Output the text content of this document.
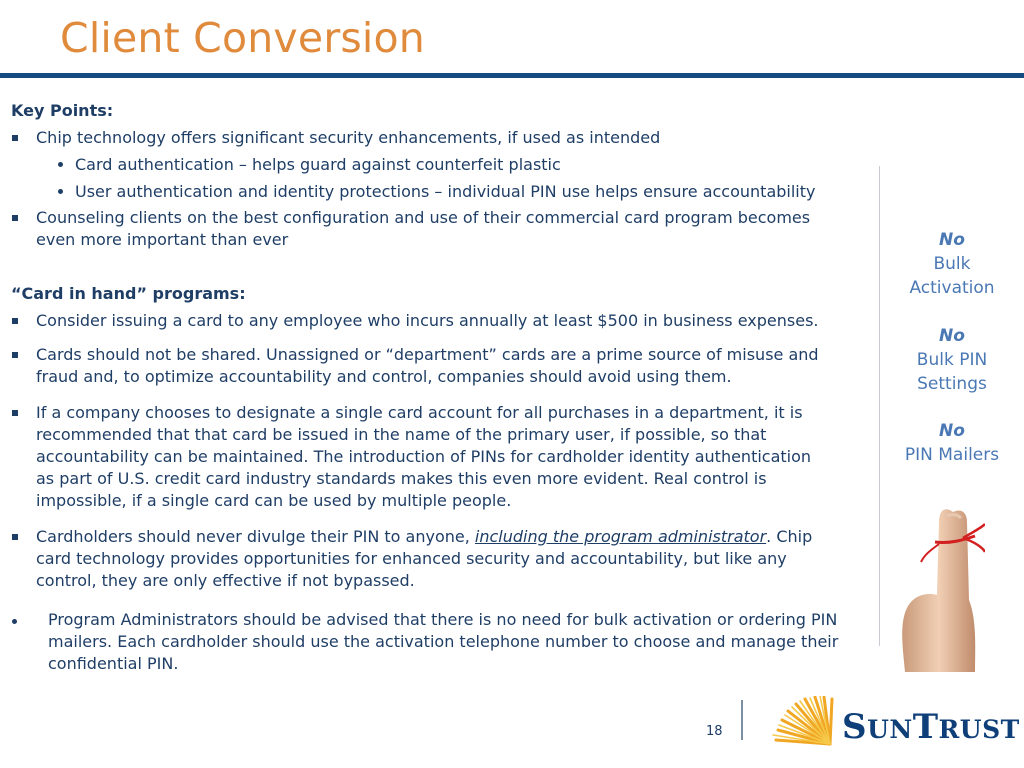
Client Conversion

Key Points:

Chip technology offers significant security enhancements, if used as intended

Card authentication – helps guard against counterfeit plastic

User authentication and identity protections – individual PIN use helps ensure accountability

Counseling clients on the best configuration and use of their commercial card program becomes

even more important than ever

“Card in hand” programs:

Consider issuing a card to any employee who incurs annually at least $500 in business expenses.

Cards should not be shared. Unassigned or “department” cards are a prime source of misuse and

fraud and, to optimize accountability and control, companies should avoid using them.

If a company chooses to designate a single card account for all purchases in a department, it is

recommended that that card be issued in the name of the primary user, if possible, so that

accountability can be maintained. The introduction of PINs for cardholder identity authentication

as part of U.S. credit card industry standards makes this even more evident. Real control is

impossible, if a single card can be used by multiple people.

Cardholders should never divulge their PIN to anyone, including the program administrator. Chip

card technology provides opportunities for enhanced security and accountability, but like any

control, they are only effective if not bypassed.

Program Administrators should be advised that there is no need for bulk activation or ordering PIN

mailers. Each cardholder should use the activation telephone number to choose and manage their

confidential PIN.

No
Bulk
Activation
No
Bulk PIN
Settings
No
PIN Mailers
18	SUNTRUST
